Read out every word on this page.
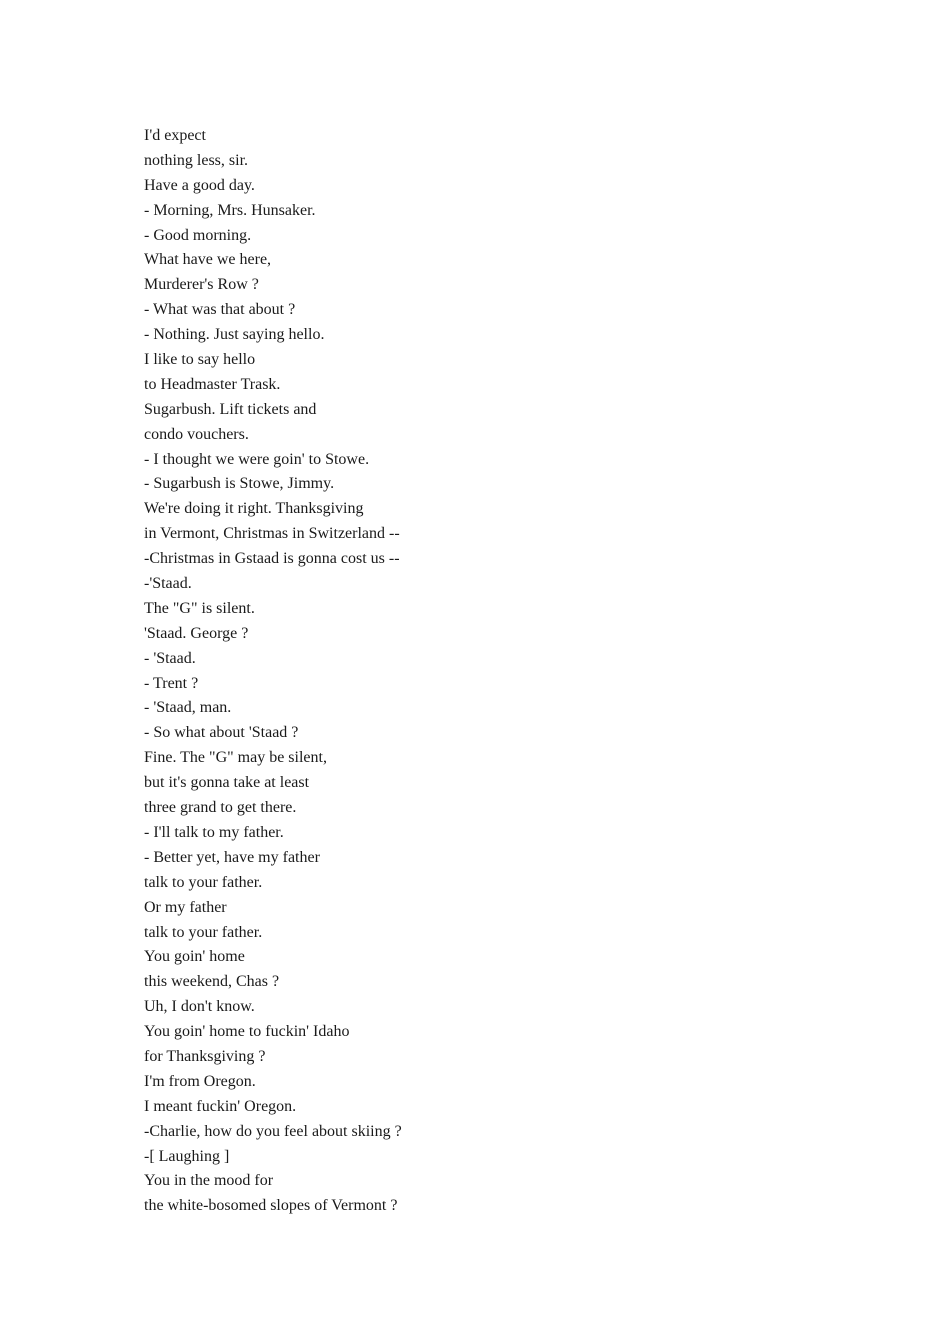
I'd expect
nothing less, sir.
Have a good day.
- Morning, Mrs. Hunsaker.
- Good morning.
What have we here,
Murderer's Row ?
- What was that about ?
- Nothing. Just saying hello.
I like to say hello
to Headmaster Trask.
Sugarbush. Lift tickets and
condo vouchers.
- I thought we were goin' to Stowe.
- Sugarbush is Stowe, Jimmy.
We're doing it right. Thanksgiving
in Vermont, Christmas in Switzerland --
-Christmas in Gstaad is gonna cost us --
-'Staad.
The "G" is silent.
'Staad. George ?
- 'Staad.
- Trent ?
- 'Staad, man.
- So what about 'Staad ?
Fine. The "G" may be silent,
but it's gonna take at least
three grand to get there.
- I'll talk to my father.
- Better yet, have my father
talk to your father.
Or my father
talk to your father.
You goin' home
this weekend, Chas ?
Uh, I don't know.
You goin' home to fuckin' Idaho
for Thanksgiving ?
I'm from Oregon.
I meant fuckin' Oregon.
-Charlie, how do you feel about skiing ?
-[ Laughing ]
You in the mood for
the white-bosomed slopes of Vermont ?
